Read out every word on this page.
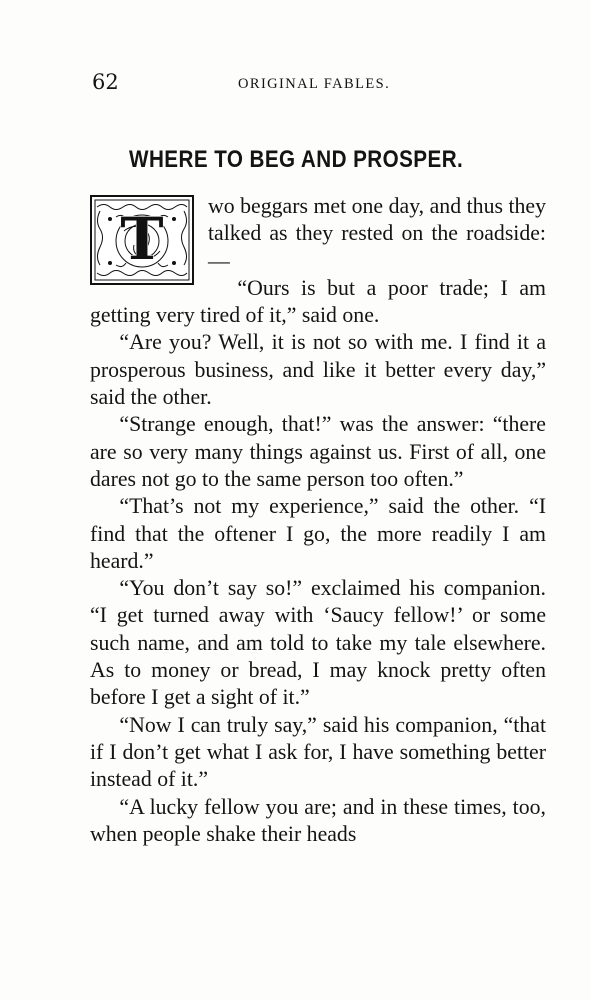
62	ORIGINAL FABLES.
WHERE TO BEG AND PROSPER.
T	wo beggars met one day, and thus they talked as they rested on the roadside:—

“Ours is but a poor trade; I am getting very tired of it,” said one.

“Are you? Well, it is not so with me. I find it a prosperous business, and like it better every day,” said the other.

“Strange enough, that!” was the answer: “there are so very many things against us. First of all, one dares not go to the same person too often.”

“That’s not my experience,” said the other. “I find that the oftener I go, the more readily I am heard.”

“You don’t say so!” exclaimed his companion. “I get turned away with ‘Saucy fellow!’ or some such name, and am told to take my tale elsewhere. As to money or bread, I may knock pretty often before I get a sight of it.”

“Now I can truly say,” said his companion, “that if I don’t get what I ask for, I have something better instead of it.”

“A lucky fellow you are; and in these times, too, when people shake their heads
